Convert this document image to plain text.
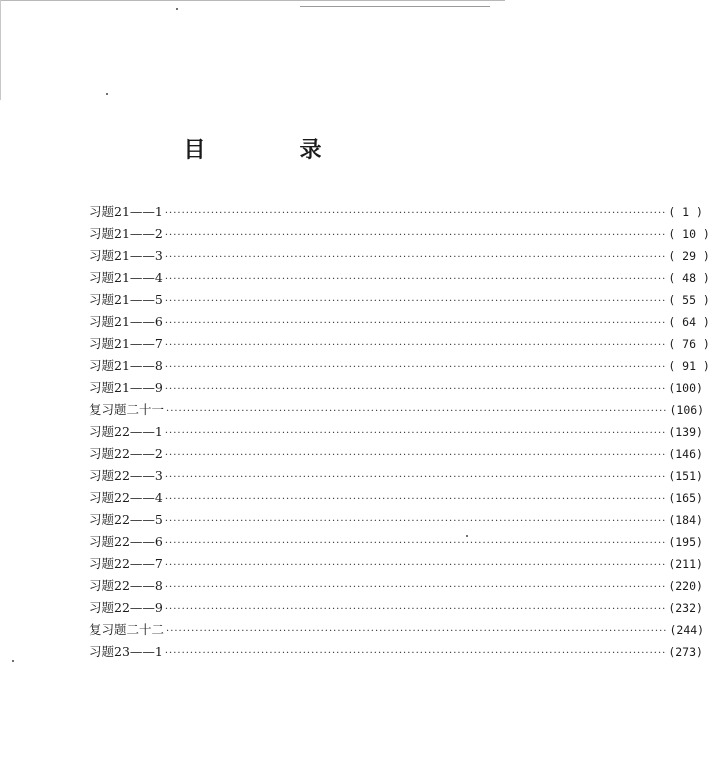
目　录
习题21——1 ························································································································ ( 1 )
习题21——2 ························································································································ ( 10 )
习题21——3 ························································································································ ( 29 )
习题21——4 ························································································································ ( 48 )
习题21——5 ························································································································ ( 55 )
习题21——6 ························································································································ ( 64 )
习题21——7 ························································································································ ( 76 )
习题21——8 ························································································································ ( 91 )
习题21——9 ························································································································ (100)
复习题二十一 ························································································································ (106)
习题22——1 ························································································································ (139)
习题22——2 ························································································································ (146)
习题22——3 ························································································································ (151)
习题22——4 ························································································································ (165)
习题22——5 ························································································································ (184)
习题22——6 ························································································································ (195)
习题22——7 ························································································································ (211)
习题22——8 ························································································································ (220)
习题22——9 ························································································································ (232)
复习题二十二 ························································································································ (244)
习题23——1 ························································································································ (273)
